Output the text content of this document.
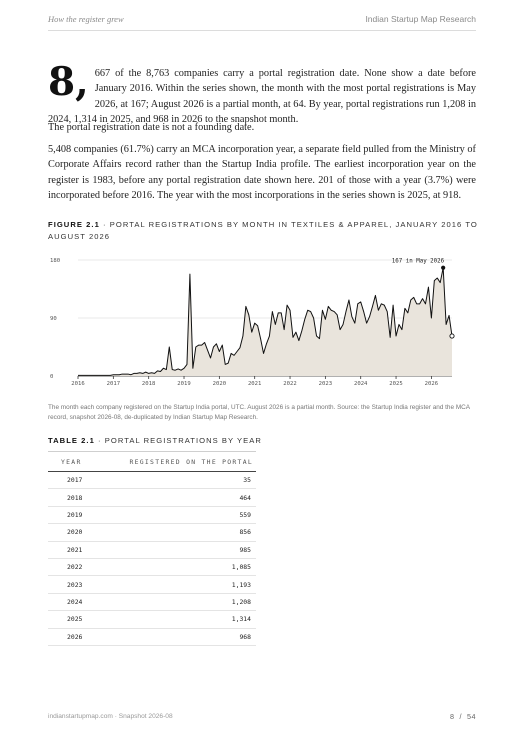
How the register grew	Indian Startup Map Research
8, 667 of the 8,763 companies carry a portal registration date. None show a date before January 2016. Within the series shown, the month with the most portal registrations is May 2026, at 167; August 2026 is a partial month, at 64. By year, portal registrations run 1,208 in 2024, 1,314 in 2025, and 968 in 2026 to the snapshot month.
The portal registration date is not a founding date.
5,408 companies (61.7%) carry an MCA incorporation year, a separate field pulled from the Ministry of Corporate Affairs record rather than the Startup India profile. The earliest incorporation year on the register is 1983, before any portal registration date shown here. 201 of those with a year (3.7%) were incorporated before 2016. The year with the most incorporations in the series shown is 2025, at 918.
FIGURE 2.1 · PORTAL REGISTRATIONS BY MONTH IN TEXTILES & APPAREL, JANUARY 2016 TO AUGUST 2026
0
90
180
2016	2017	2018	2019	2020	2021	2022	2023	2024	2025	2026
167 in May 2026
The month each company registered on the Startup India portal, UTC. August 2026 is a partial month. Source: the Startup India register and the MCA record, snapshot 2026-08, de-duplicated by Indian Startup Map Research.
TABLE 2.1 · PORTAL REGISTRATIONS BY YEAR
YEAR	REGISTERED ON THE PORTAL
2017	35
2018	464
2019	559
2020	856
2021	985
2022	1,085
2023	1,193
2024	1,208
2025	1,314
2026	968
indianstartupmap.com · Snapshot 2026-08	8 / 54
